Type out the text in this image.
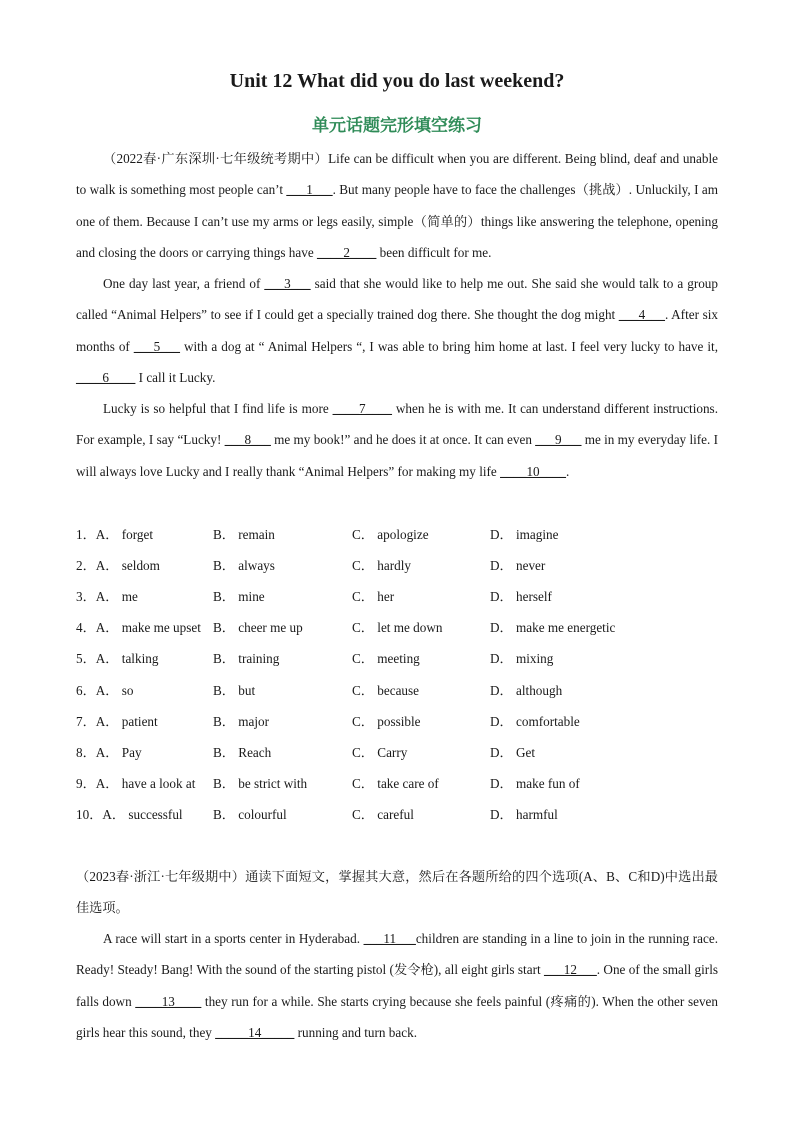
Unit 12 What did you do last weekend?
单元话题完形填空练习

（2022春·广东深圳·七年级统考期中）Life can be difficult when you are different. Being blind, deaf and unable to walk is something most people can’t ___1___. But many people have to face the challenges（挑战）. Unluckily, I am one of them. Because I can’t use my arms or legs easily, simple（简单的）things like answering the telephone, opening and closing the doors or carrying things have ____2____ been difficult for me.

One day last year, a friend of ___3___ said that she would like to help me out. She said she would talk to a group called “Animal Helpers” to see if I could get a specially trained dog there. She thought the dog might ___4___. After six months of ___5___ with a dog at “ Animal Helpers “, I was able to bring him home at last. I feel very lucky to have it, ____6____ I call it Lucky.

Lucky is so helpful that I find life is more ____7____ when he is with me. It can understand different instructions. For example, I say “Lucky! ___8___ me my book!” and he does it at once. It can even ___9___ me in my everyday life. I will always love Lucky and I really thank “Animal Helpers” for making my life ____10____.

1．A． forget	B． remain	C． apologize	D． imagine
2．A． seldom	B． always	C． hardly	D． never
3．A． me	B． mine	C． her	D． herself
4．A． make me upset B． cheer me up	C． let me down	D． make me energetic
5．A． talking	B． training	C． meeting	D． mixing
6．A． so	B． but	C． because	D． although
7．A． patient	B． major	C． possible	D． comfortable
8．A． Pay	B． Reach	C． Carry	D． Get
9．A． have a look at	B． be strict with	C． take care of	D． make fun of
10．A． successful	B． colourful	C． careful	D． harmful

（2023春·浙江·七年级期中）通读下面短文，掌握其大意，然后在各题所给的四个选项(A、B、C和D)中选出最佳选项。

A race will start in a sports center in Hyderabad. ___11___children are standing in a line to join in the running race. Ready! Steady! Bang! With the sound of the starting pistol (发令枪), all eight girls start ___12___. One of the small girls falls down ____13____ they run for a while. She starts crying because she feels painful (疼痛的). When the other seven girls hear this sound, they _____14_____ running and turn back.
